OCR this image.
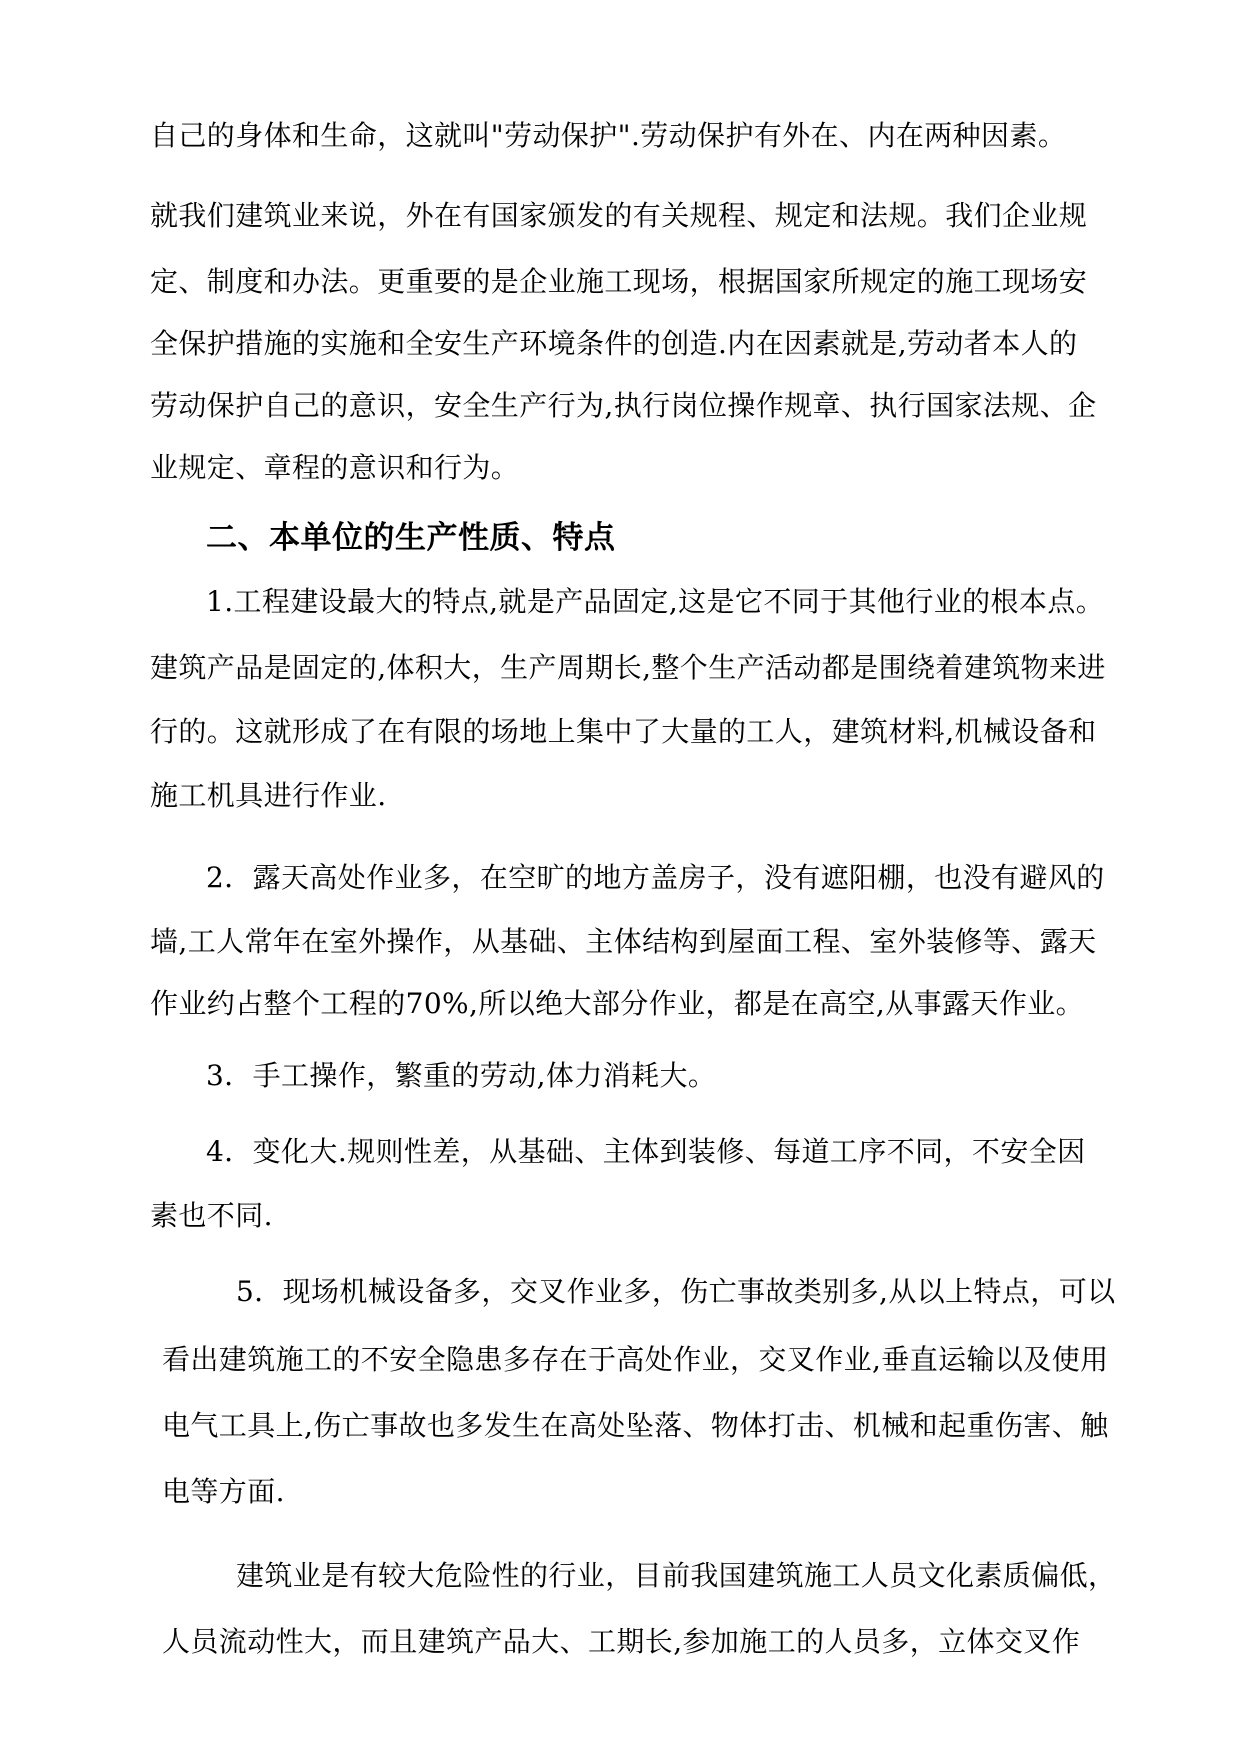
自己的身体和生命，这就叫"劳动保护".劳动保护有外在、内在两种因素。
就我们建筑业来说，外在有国家颁发的有关规程、规定和法规。我们企业规
定、制度和办法。更重要的是企业施工现场，根据国家所规定的施工现场安
全保护措施的实施和全安生产环境条件的创造.内在因素就是,劳动者本人的
劳动保护自己的意识，安全生产行为,执行岗位操作规章、执行国家法规、企
业规定、章程的意识和行为。
二、本单位的生产性质、特点
1.工程建设最大的特点,就是产品固定,这是它不同于其他行业的根本点。
建筑产品是固定的,体积大，生产周期长,整个生产活动都是围绕着建筑物来进
行的。这就形成了在有限的场地上集中了大量的工人，建筑材料,机械设备和
施工机具进行作业.
2．露天高处作业多，在空旷的地方盖房子，没有遮阳棚，也没有避风的
墙,工人常年在室外操作，从基础、主体结构到屋面工程、室外装修等、露天
作业约占整个工程的70%,所以绝大部分作业，都是在高空,从事露天作业。
3．手工操作，繁重的劳动,体力消耗大。
4．变化大.规则性差，从基础、主体到装修、每道工序不同，不安全因
素也不同.
5．现场机械设备多，交叉作业多，伤亡事故类别多,从以上特点，可以
看出建筑施工的不安全隐患多存在于高处作业，交叉作业,垂直运输以及使用
电气工具上,伤亡事故也多发生在高处坠落、物体打击、机械和起重伤害、触
电等方面.
建筑业是有较大危险性的行业，目前我国建筑施工人员文化素质偏低，
人员流动性大，而且建筑产品大、工期长,参加施工的人员多，立体交叉作
